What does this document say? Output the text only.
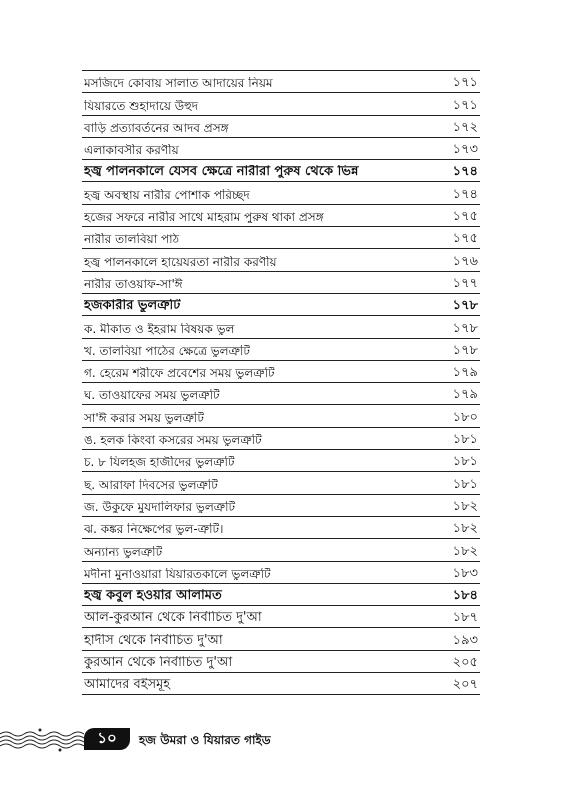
মসজিদে কোবায় সালাত আদায়ের নিয়ম	১৭১
যিয়ারতে শুহাদায়ে উহুদ	১৭১
বাড়ি প্রত্যাবর্তনের আদব প্রসঙ্গ	১৭২
এলাকাবসীর করণীয়	১৭৩
হজ্ব পালনকালে যেসব ক্ষেত্রে নারীরা পুরুষ থেকে ভিন্ন	১৭৪
হজ্ব অবস্থায় নারীর পোশাক পরিচ্ছদ	১৭৪
হজের সফরে নারীর সাথে মাহরাম পুরুষ থাকা প্রসঙ্গ	১৭৫
নারীর তালবিয়া পাঠ	১৭৫
হজ্ব পালনকালে হায়েযরতা নারীর করণীয়	১৭৬
নারীর তাওয়াফ-সা'ঈ	১৭৭
হজকারীর ভুলত্রুটি	১৭৮
ক. মীকাত ও ইহরাম বিষয়ক ভুল	১৭৮
খ. তালবিয়া পাঠের ক্ষেত্রে ভুলত্রুটি	১৭৮
গ. হেরেম শরীফে প্রবেশের সময় ভুলত্রুটি	১৭৯
ঘ. তাওয়াফের সময় ভুলত্রুটি	১৭৯
সা'ঈ করার সময় ভুলত্রুটি	১৮০
ঙ. হলক কিংবা কসরের সময় ভুলত্রুটি	১৮১
চ. ৮ যিলহজ হাজীদের ভুলত্রুটি	১৮১
ছ. আরাফা দিবসের ভুলত্রুটি	১৮১
জ. উকুফে মুযদালিফার ভুলত্রুটি	১৮২
ঝ. কঙ্কর নিক্ষেপের ভুল-ত্রুটি।	১৮২
অন্যান্য ভুলত্রুটি	১৮২
মদীনা মুনাওয়ারা যিয়ারতকালে ভুলত্রুটি	১৮৩
হজ্ব কবুল হওয়ার আলামত	১৮৪
আল-কুরআন থেকে নির্বাচিত দু'আ	১৮৭
হাদীস থেকে নির্বাচিত দু'আ	১৯৩
কুরআন থেকে নির্বাচিত দু'আ	২০৫
আমাদের বইসমূহ	২০৭
১০	হজ উমরা ও যিয়ারত গাইড
